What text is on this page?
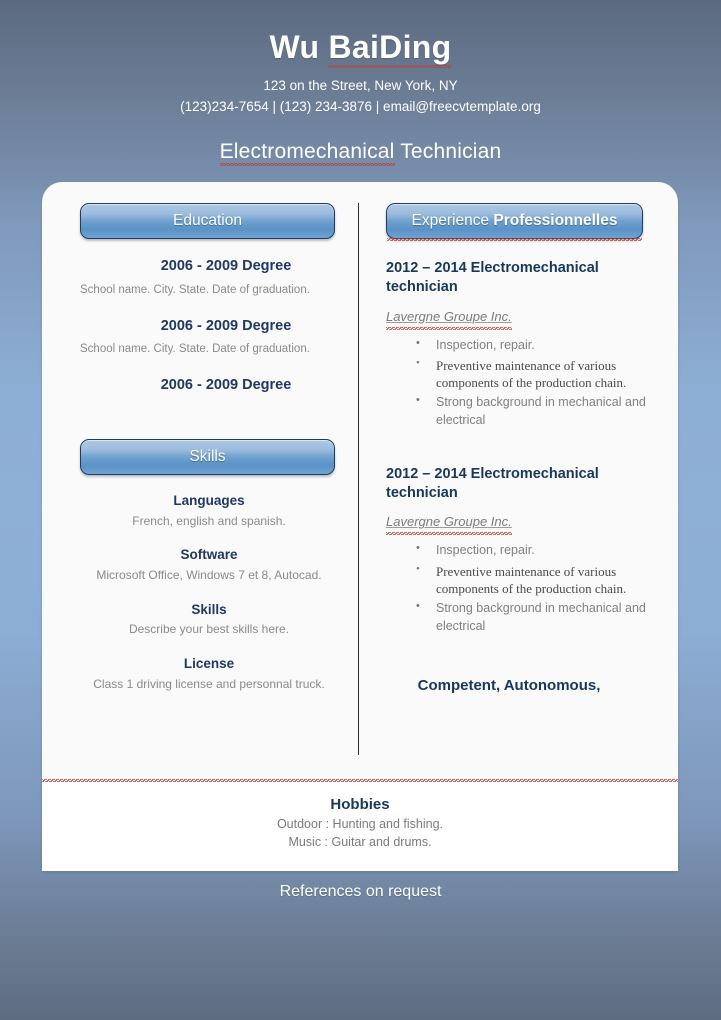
Wu BaiDing
123 on the Street, New York, NY
(123)234-7654 | (123) 234-3876 | email@freecvtemplate.org
Electromechanical Technician
Education
2006 - 2009 Degree
School name. City. State. Date of graduation.
2006 - 2009 Degree
School name. City. State. Date of graduation.
2006 - 2009 Degree
Skills
Languages
French, english and spanish.
Software
Microsoft Office, Windows 7 et 8, Autocad.
Skills
Describe your best skills here.
License
Class 1 driving license and personnal truck.
Experience Professionnelles
2012 – 2014 Electromechanical technician
Lavergne Groupe Inc.
• Inspection, repair.
• Preventive maintenance of various components of the production chain.
• Strong background in mechanical and electrical
2012 – 2014 Electromechanical technician
Lavergne Groupe Inc.
• Inspection, repair.
• Preventive maintenance of various components of the production chain.
• Strong background in mechanical and electrical
Competent, Autonomous,
Hobbies
Outdoor : Hunting and fishing.
Music : Guitar and drums.
References on request
